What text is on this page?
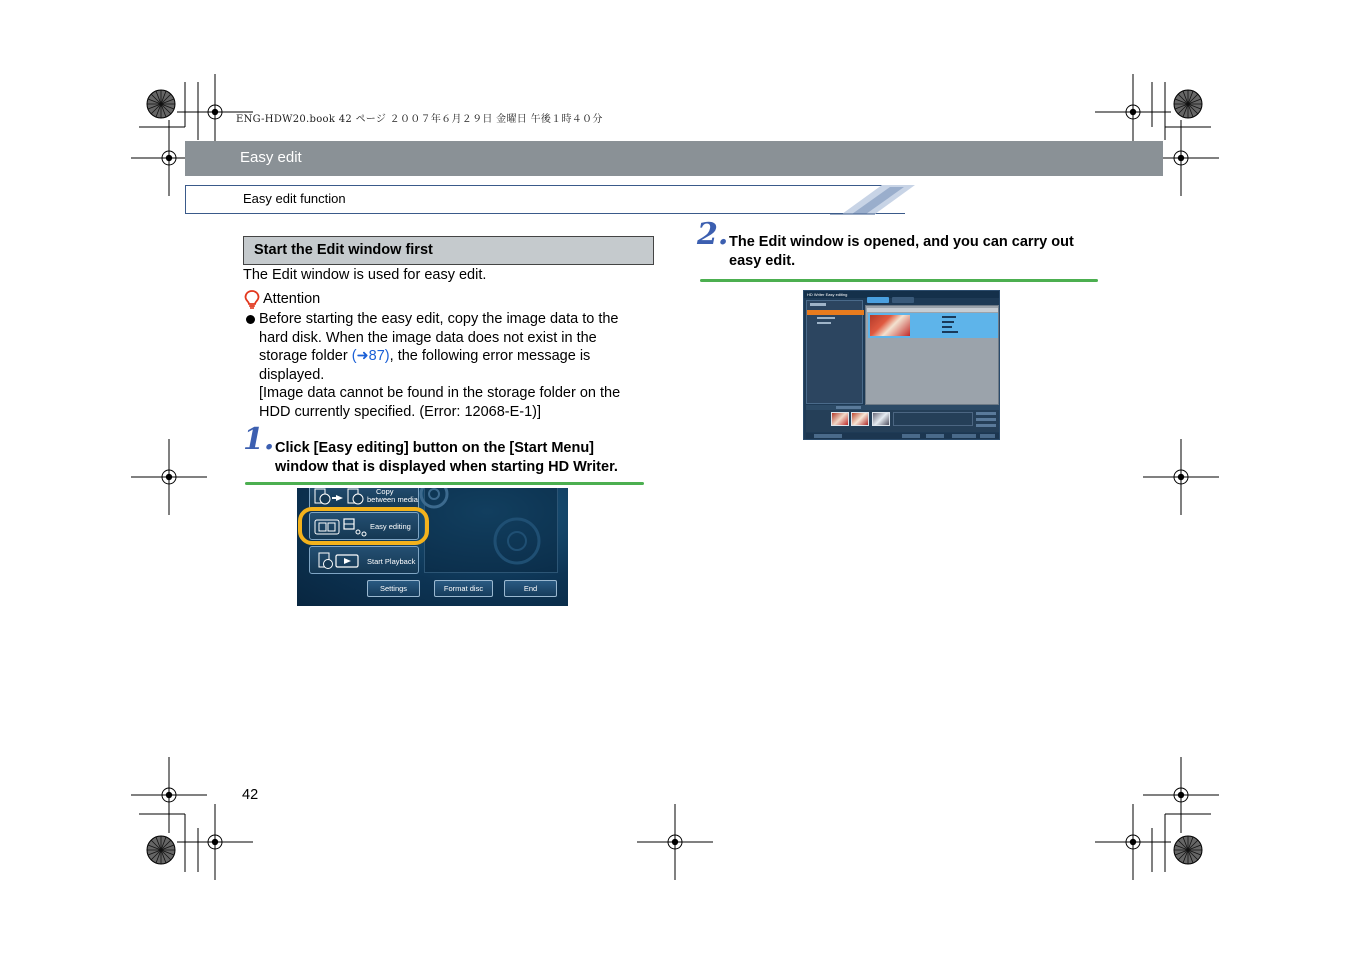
ENG-HDW20.book 42 ページ ２００７年６月２９日 金曜日 午後１時４０分
Easy edit
Easy edit function
Start the Edit window first
The Edit window is used for easy edit.
Attention
Before starting the easy edit, copy the image data to the
hard disk. When the image data does not exist in the
storage folder (➜87), the following error message is
displayed.
[Image data cannot be found in the storage folder on the
HDD currently specified. (Error: 12068-E-1)]
1. Click [Easy editing] button on the [Start Menu]
window that is displayed when starting HD Writer.
Copy
between media
Easy editing
Start Playback
Settings	Format disc	End
2. The Edit window is opened, and you can carry out
easy edit.
HD Writer Easy editing
42
